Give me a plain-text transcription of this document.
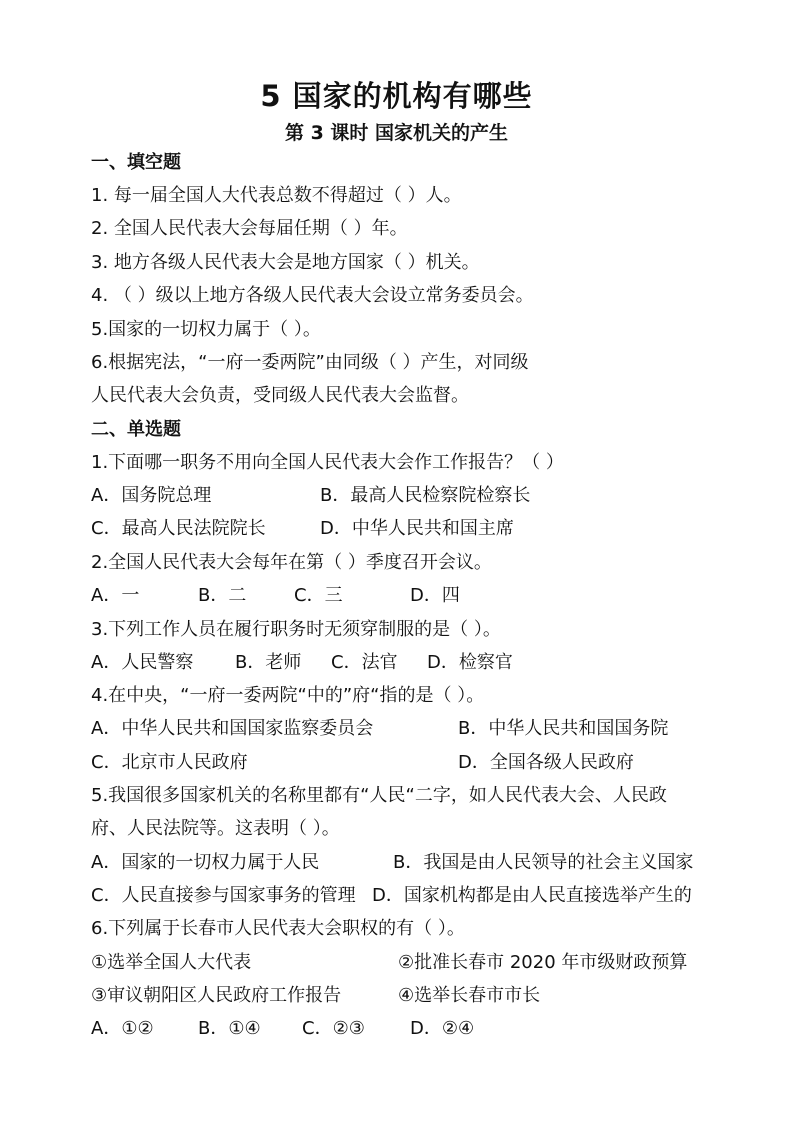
5 国家的机构有哪些
第 3 课时 国家机关的产生
一、填空题
1. 每一届全国人大代表总数不得超过（ ）人。
2. 全国人民代表大会每届任期（ ）年。
3. 地方各级人民代表大会是地方国家（ ）机关。
4. （ ）级以上地方各级人民代表大会设立常务委员会。
5.国家的一切权力属于（ ）。
6.根据宪法，“一府一委两院”由同级（ ）产生，对同级
人民代表大会负责，受同级人民代表大会监督。
二、单选题
1.下面哪一职务不用向全国人民代表大会作工作报告？（ ）
A．国务院总理	B．最高人民检察院检察长
C．最高人民法院院长	D．中华人民共和国主席
2.全国人民代表大会每年在第（ ）季度召开会议。
A．一	B．二	C．三	D．四
3.下列工作人员在履行职务时无须穿制服的是（ ）。
A．人民警察 B．老师 C．法官 D．检察官
4.在中央，“一府一委两院“中的”府“指的是（ ）。
A．中华人民共和国国家监察委员会	B．中华人民共和国国务院
C．北京市人民政府	D．全国各级人民政府
5.我国很多国家机关的名称里都有“人民“二字，如人民代表大会、人民政
府、人民法院等。这表明（ ）。
A．国家的一切权力属于人民	B．我国是由人民领导的社会主义国家
C．人民直接参与国家事务的管理 D．国家机构都是由人民直接选举产生的
6.下列属于长春市人民代表大会职权的有（ ）。
①选举全国人大代表	②批准长春市 2020 年市级财政预算
③审议朝阳区人民政府工作报告	④选举长春市市长
A．①② B．①④ C．②③	D．②④
